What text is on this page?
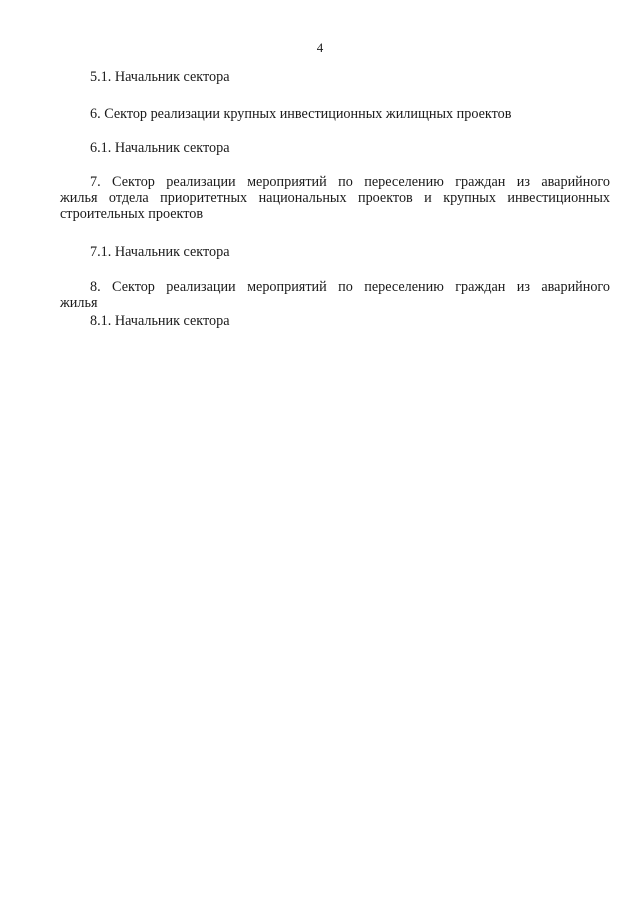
4

5.1. Начальник сектора

6. Сектор реализации крупных инвестиционных жилищных проектов

6.1. Начальник сектора

7. Сектор реализации мероприятий по переселению граждан из аварийного

жилья отдела приоритетных национальных проектов и крупных инвестиционных

строительных проектов

7.1. Начальник сектора

8. Сектор реализации мероприятий по переселению граждан из аварийного

жилья

8.1. Начальник сектора
